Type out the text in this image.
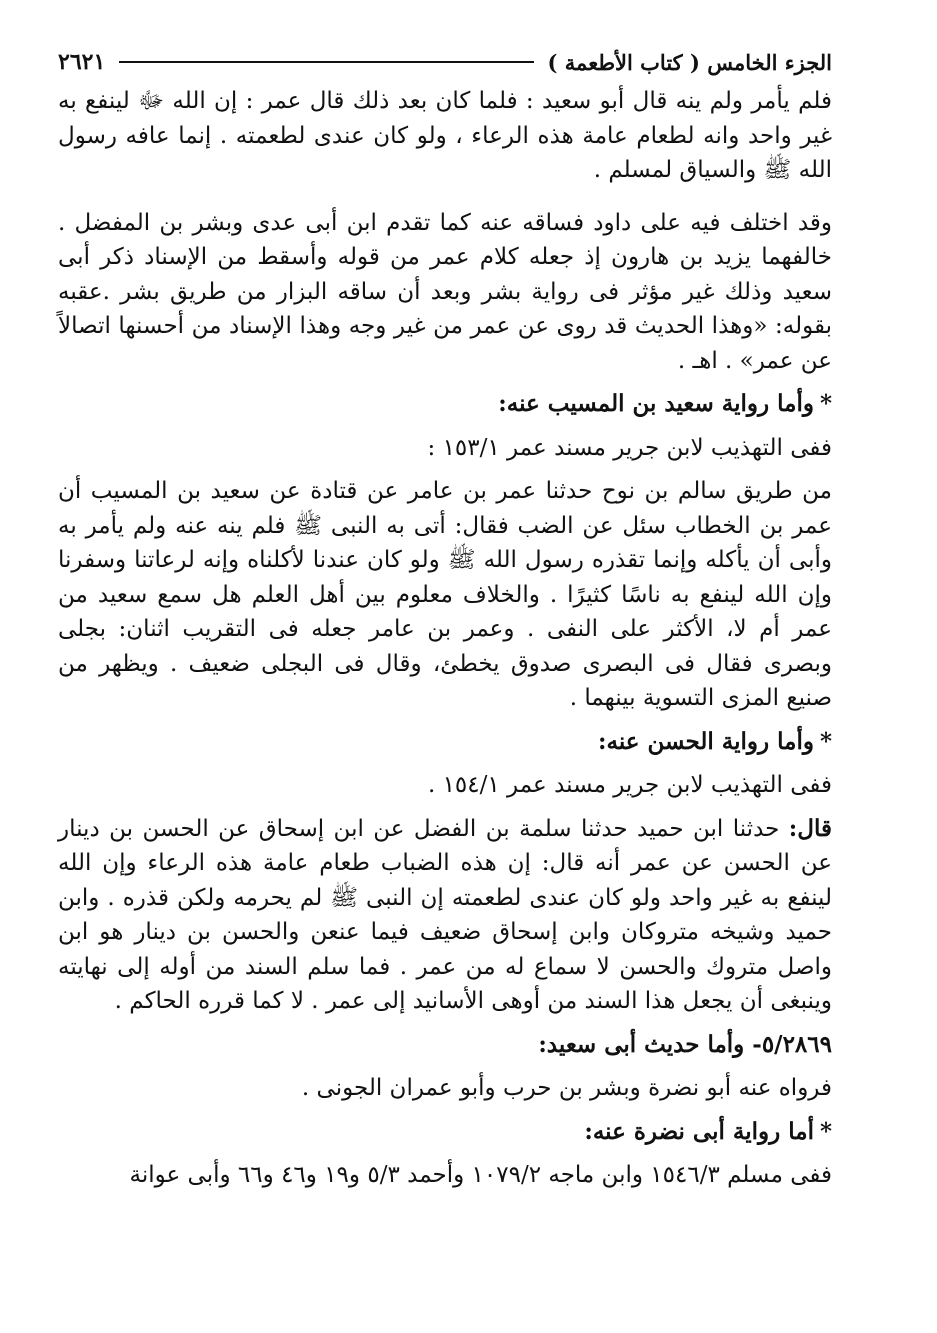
الجزء الخامس ( كتاب الأطعمة )
٢٦٢١

فلم يأمر ولم ينه قال أبو سعيد : فلما كان بعد ذلك قال عمر : إن الله ﷻ لينفع به غير واحد وانه لطعام عامة هذه الرعاء ، ولو كان عندى لطعمته . إنما عافه رسول الله ﷺ والسياق لمسلم .

وقد اختلف فيه على داود فساقه عنه كما تقدم ابن أبى عدى وبشر بن المفضل . خالفهما يزيد بن هارون إذ جعله كلام عمر من قوله وأسقط من الإسناد ذكر أبى سعيد وذلك غير مؤثر فى رواية بشر وبعد أن ساقه البزار من طريق بشر .عقبه بقوله: «وهذا الحديث قد روى عن عمر من غير وجه وهذا الإسناد من أحسنها اتصالاً عن عمر» . اهـ .

*وأما رواية سعيد بن المسيب عنه:

ففى التهذيب لابن جرير مسند عمر ١٥٣/١ :

من طريق سالم بن نوح حدثنا عمر بن عامر عن قتادة عن سعيد بن المسيب أن عمر بن الخطاب سئل عن الضب فقال: أتى به النبى ﷺ فلم ينه عنه ولم يأمر به وأبى أن يأكله وإنما تقذره رسول الله ﷺ ولو كان عندنا لأكلناه وإنه لرعاتنا وسفرنا وإن الله لينفع به ناسًا كثيرًا . والخلاف معلوم بين أهل العلم هل سمع سعيد من عمر أم لا، الأكثر على النفى . وعمر بن عامر جعله فى التقريب اثنان: بجلى وبصرى فقال فى البصرى صدوق يخطئ، وقال فى البجلى ضعيف . ويظهر من صنيع المزى التسوية بينهما .

*وأما رواية الحسن عنه:

ففى التهذيب لابن جرير مسند عمر ١٥٤/١ .

قال: حدثنا ابن حميد حدثنا سلمة بن الفضل عن ابن إسحاق عن الحسن بن دينار عن الحسن عن عمر أنه قال: إن هذه الضباب طعام عامة هذه الرعاء وإن الله لينفع به غير واحد ولو كان عندى لطعمته إن النبى ﷺ لم يحرمه ولكن قذره . وابن حميد وشيخه متروكان وابن إسحاق ضعيف فيما عنعن والحسن بن دينار هو ابن واصل متروك والحسن لا سماع له من عمر . فما سلم السند من أوله إلى نهايته وينبغى أن يجعل هذا السند من أوهى الأسانيد إلى عمر . لا كما قرره الحاكم .

٥/٢٨٦٩- وأما حديث أبى سعيد:

فرواه عنه أبو نضرة وبشر بن حرب وأبو عمران الجونى .

*أما رواية أبى نضرة عنه:

ففى مسلم ١٥٤٦/٣ وابن ماجه ١٠٧٩/٢ وأحمد ٥/٣ و١٩ و٤٦ و٦٦ وأبى عوانة
